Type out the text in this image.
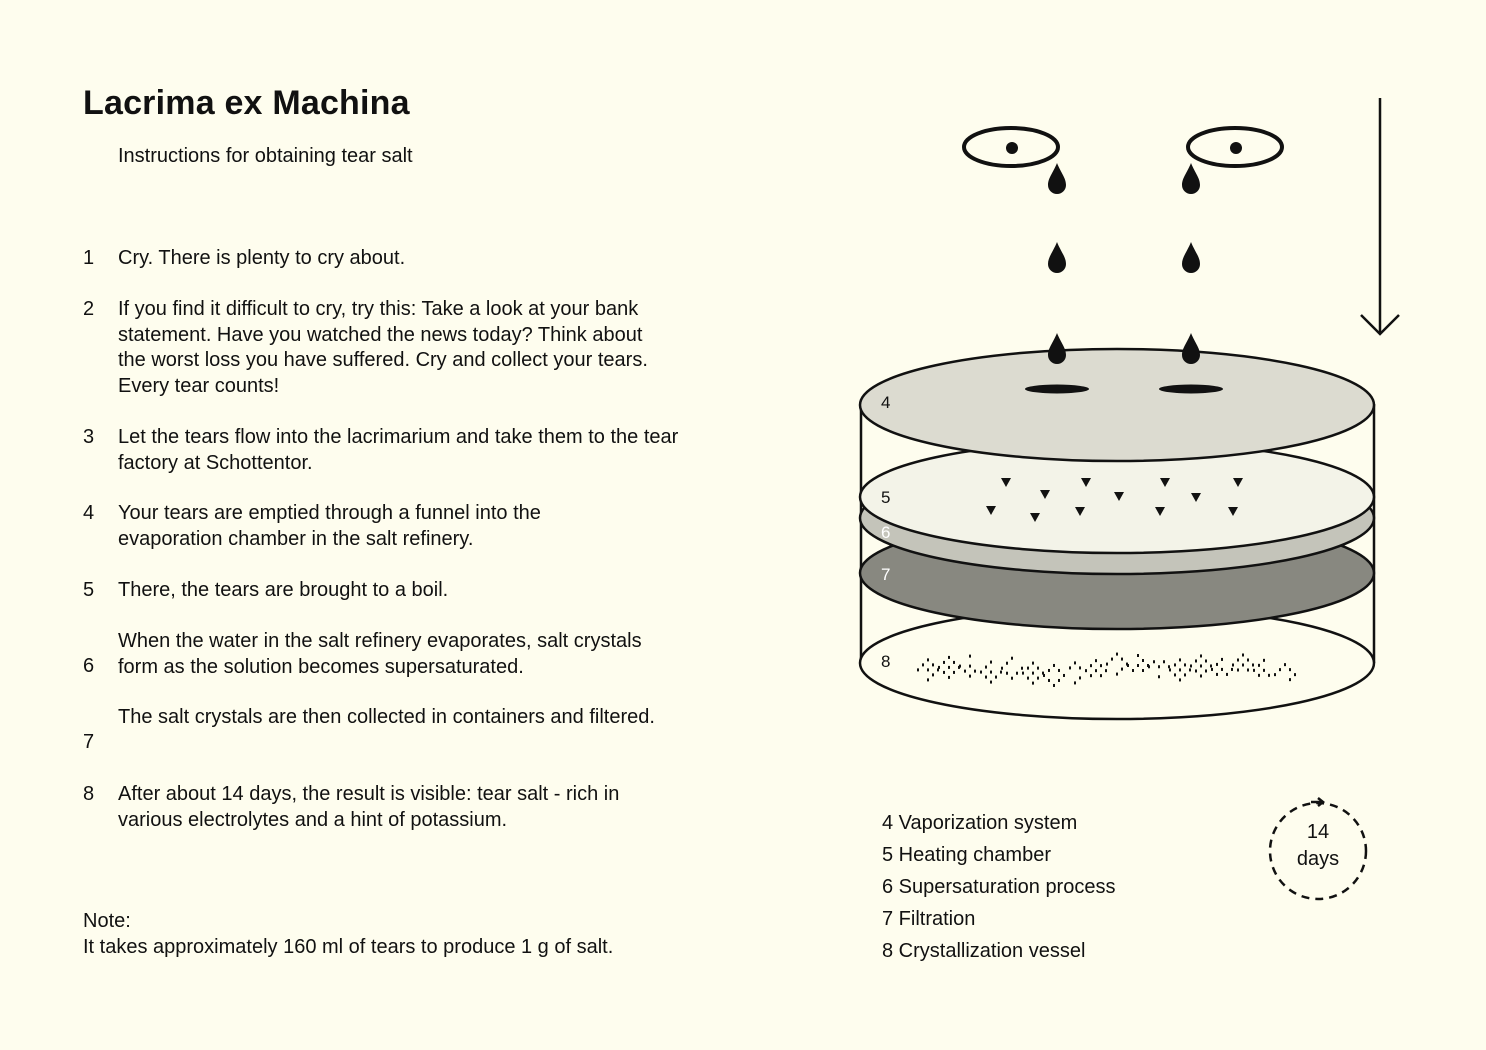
Lacrima ex Machina
Instructions for obtaining tear salt
1	Cry. There is plenty to cry about.
2	If you find it difficult to cry, try this: Take a look at your bank statement. Have you watched the news today? Think about the worst loss you have suffered. Cry and collect your tears. Every tear counts!
3	Let the tears flow into the lacrimarium and take them to the tear factory at Schottentor.
4	Your tears are emptied through a funnel into the evaporation chamber in the salt refinery.
5	There, the tears are brought to a boil.
6
When the water in the salt refinery evaporates, salt crystals form as the solution becomes supersaturated.
7
The salt crystals are then collected in containers and filtered.
8	After about 14 days, the result is visible: tear salt - rich in various electrolytes and a hint of potassium.
Note:
It takes approximately 160 ml of tears to produce 1 g of salt.
4
5
6
7
8
4 Vaporization system
5 Heating chamber
6 Supersaturation process
7 Filtration
8 Crystallization vessel
14
days
